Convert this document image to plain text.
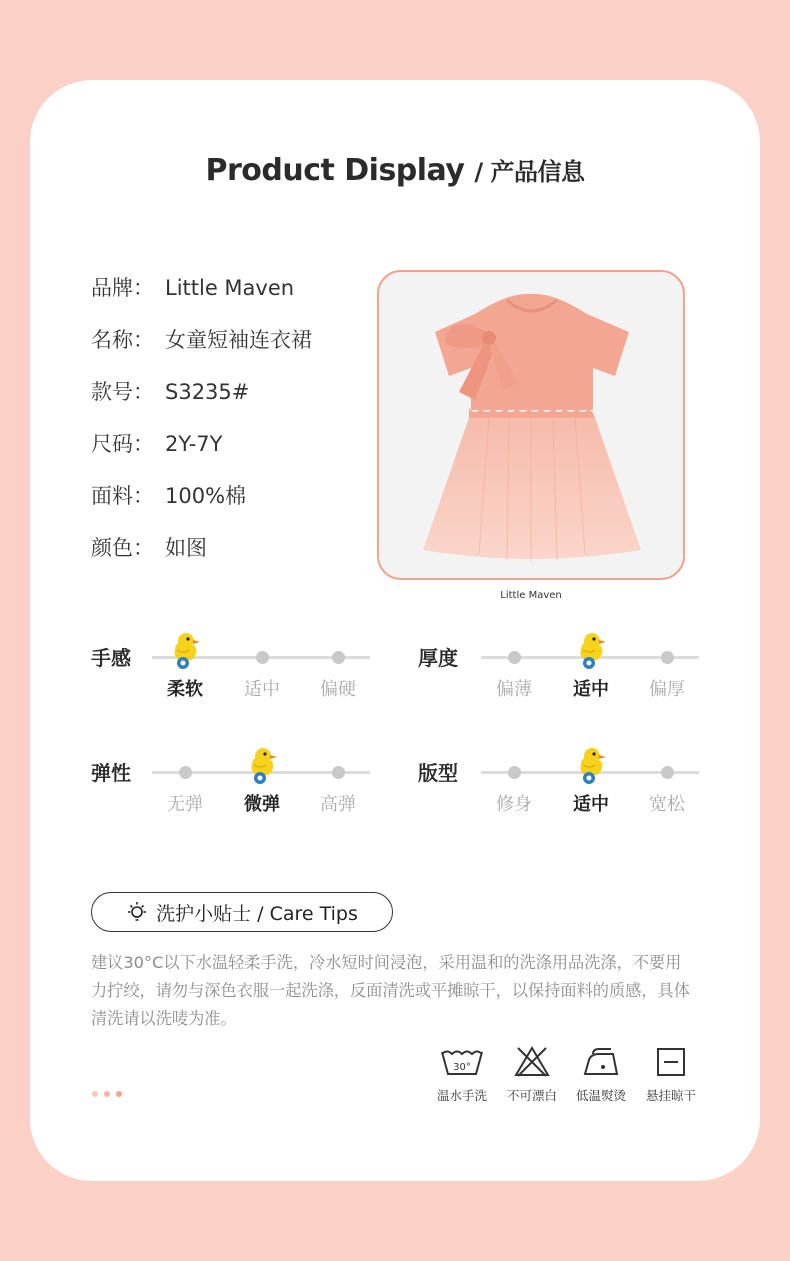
Product Display / 产品信息
品牌： Little Maven
名称： 女童短袖连衣裙
款号： S3235#
尺码： 2Y-7Y
面料： 100%棉
颜色： 如图
Little Maven
手感
柔软	适中	偏硬
厚度
偏薄	适中	偏厚
弹性
无弹	微弹	高弹
版型
修身	适中	宽松
洗护小贴士 / Care Tips
建议30°C以下水温轻柔手洗，冷水短时间浸泡，采用温和的洗涤用品洗涤，不要用
力拧绞，请勿与深色衣服一起洗涤，反面清洗或平摊晾干，以保持面料的质感，具体
清洗请以洗唛为准。
30°
温水手洗	不可漂白	低温熨烫	悬挂晾干
